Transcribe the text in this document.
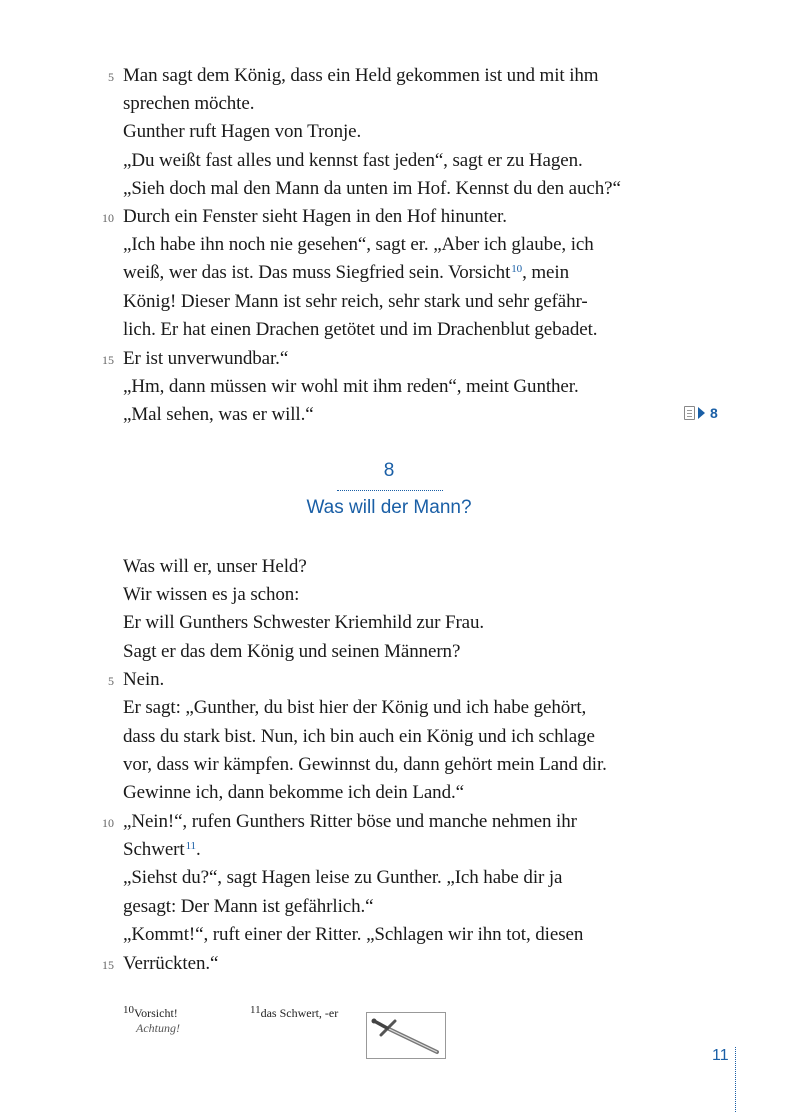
5
10
15
Man sagt dem König, dass ein Held gekommen ist und mit ihm
sprechen möchte.
Gunther ruft Hagen von Tronje.
„Du weißt fast alles und kennst fast jeden“, sagt er zu Hagen.
„Sieh doch mal den Mann da unten im Hof. Kennst du den auch?“
Durch ein Fenster sieht Hagen in den Hof hinunter.
„Ich habe ihn noch nie gesehen“, sagt er. „Aber ich glaube, ich
weiß, wer das ist. Das muss Siegfried sein. Vorsicht$^{10}$, mein
König! Dieser Mann ist sehr reich, sehr stark und sehr gefähr-
lich. Er hat einen Drachen getötet und im Drachenblut gebadet.
Er ist unverwundbar.“
„Hm, dann müssen wir wohl mit ihm reden“, meint Gunther.
„Mal sehen, was er will.“	8
8
Was will der Mann?
5
10
15
Was will er, unser Held?
Wir wissen es ja schon:
Er will Gunthers Schwester Kriemhild zur Frau.
Sagt er das dem König und seinen Männern?
Nein.
Er sagt: „Gunther, du bist hier der König und ich habe gehört,
dass du stark bist. Nun, ich bin auch ein König und ich schlage
vor, dass wir kämpfen. Gewinnst du, dann gehört mein Land dir.
Gewinne ich, dann bekomme ich dein Land.“
„Nein!“, rufen Gunthers Ritter böse und manche nehmen ihr
Schwert$^{11}$.
„Siehst du?“, sagt Hagen leise zu Gunther. „Ich habe dir ja
gesagt: Der Mann ist gefährlich.“
„Kommt!“, ruft einer der Ritter. „Schlagen wir ihn tot, diesen
Verrückten.“
10Vorsicht!
Achtung!
11das Schwert, -er
11
